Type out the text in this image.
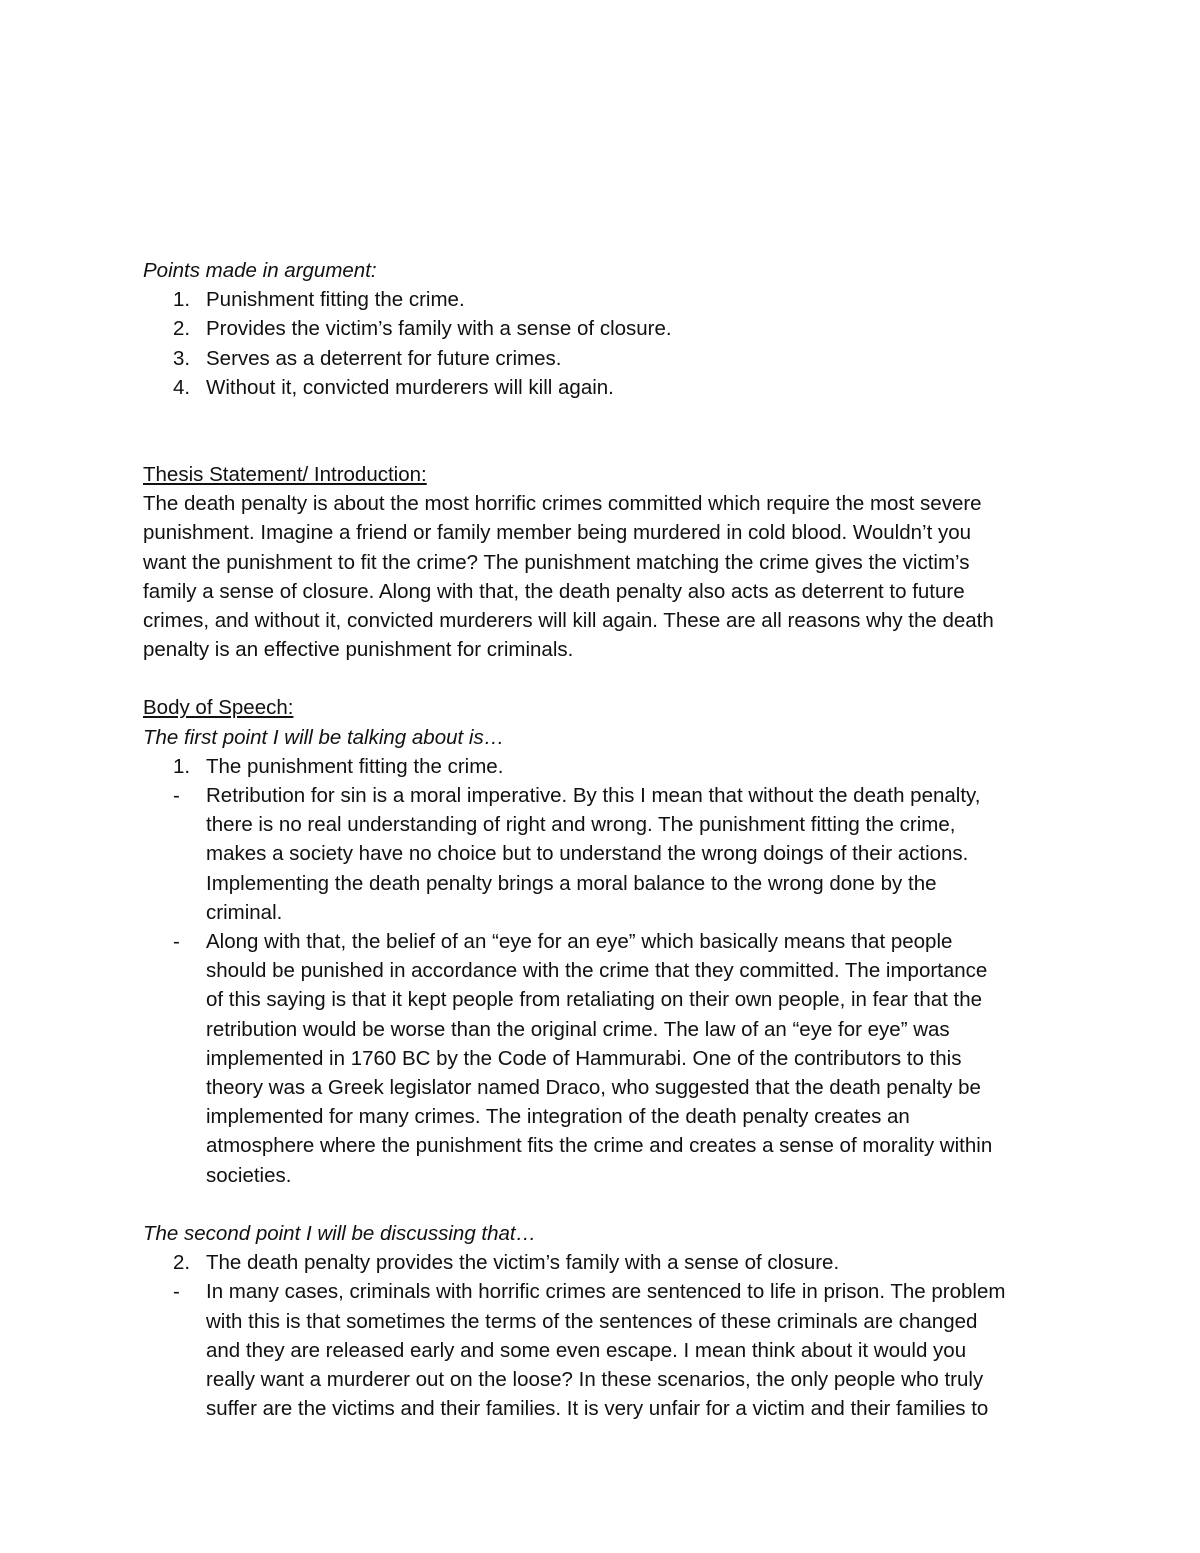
Points made in argument:

1. Punishment fitting the crime.
2. Provides the victim’s family with a sense of closure.
3. Serves as a deterrent for future crimes.
4. Without it, convicted murderers will kill again.

Thesis Statement/ Introduction:

The death penalty is about the most horrific crimes committed which require the most severe
punishment. Imagine a friend or family member being murdered in cold blood. Wouldn’t you
want the punishment to fit the crime? The punishment matching the crime gives the victim’s
family a sense of closure. Along with that, the death penalty also acts as deterrent to future
crimes, and without it, convicted murderers will kill again. These are all reasons why the death
penalty is an effective punishment for criminals.

Body of Speech:

The first point I will be talking about is…

1. The punishment fitting the crime.
-	Retribution for sin is a moral imperative. By this I mean that without the death penalty,
there is no real understanding of right and wrong. The punishment fitting the crime,
makes a society have no choice but to understand the wrong doings of their actions.
Implementing the death penalty brings a moral balance to the wrong done by the
criminal.
-	Along with that, the belief of an “eye for an eye” which basically means that people
should be punished in accordance with the crime that they committed. The importance
of this saying is that it kept people from retaliating on their own people, in fear that the
retribution would be worse than the original crime. The law of an “eye for eye” was
implemented in 1760 BC by the Code of Hammurabi. One of the contributors to this
theory was a Greek legislator named Draco, who suggested that the death penalty be
implemented for many crimes. The integration of the death penalty creates an
atmosphere where the punishment fits the crime and creates a sense of morality within
societies.

The second point I will be discussing that…

2. The death penalty provides the victim’s family with a sense of closure.
-	In many cases, criminals with horrific crimes are sentenced to life in prison. The problem
with this is that sometimes the terms of the sentences of these criminals are changed
and they are released early and some even escape. I mean think about it would you
really want a murderer out on the loose? In these scenarios, the only people who truly
suffer are the victims and their families. It is very unfair for a victim and their families to
